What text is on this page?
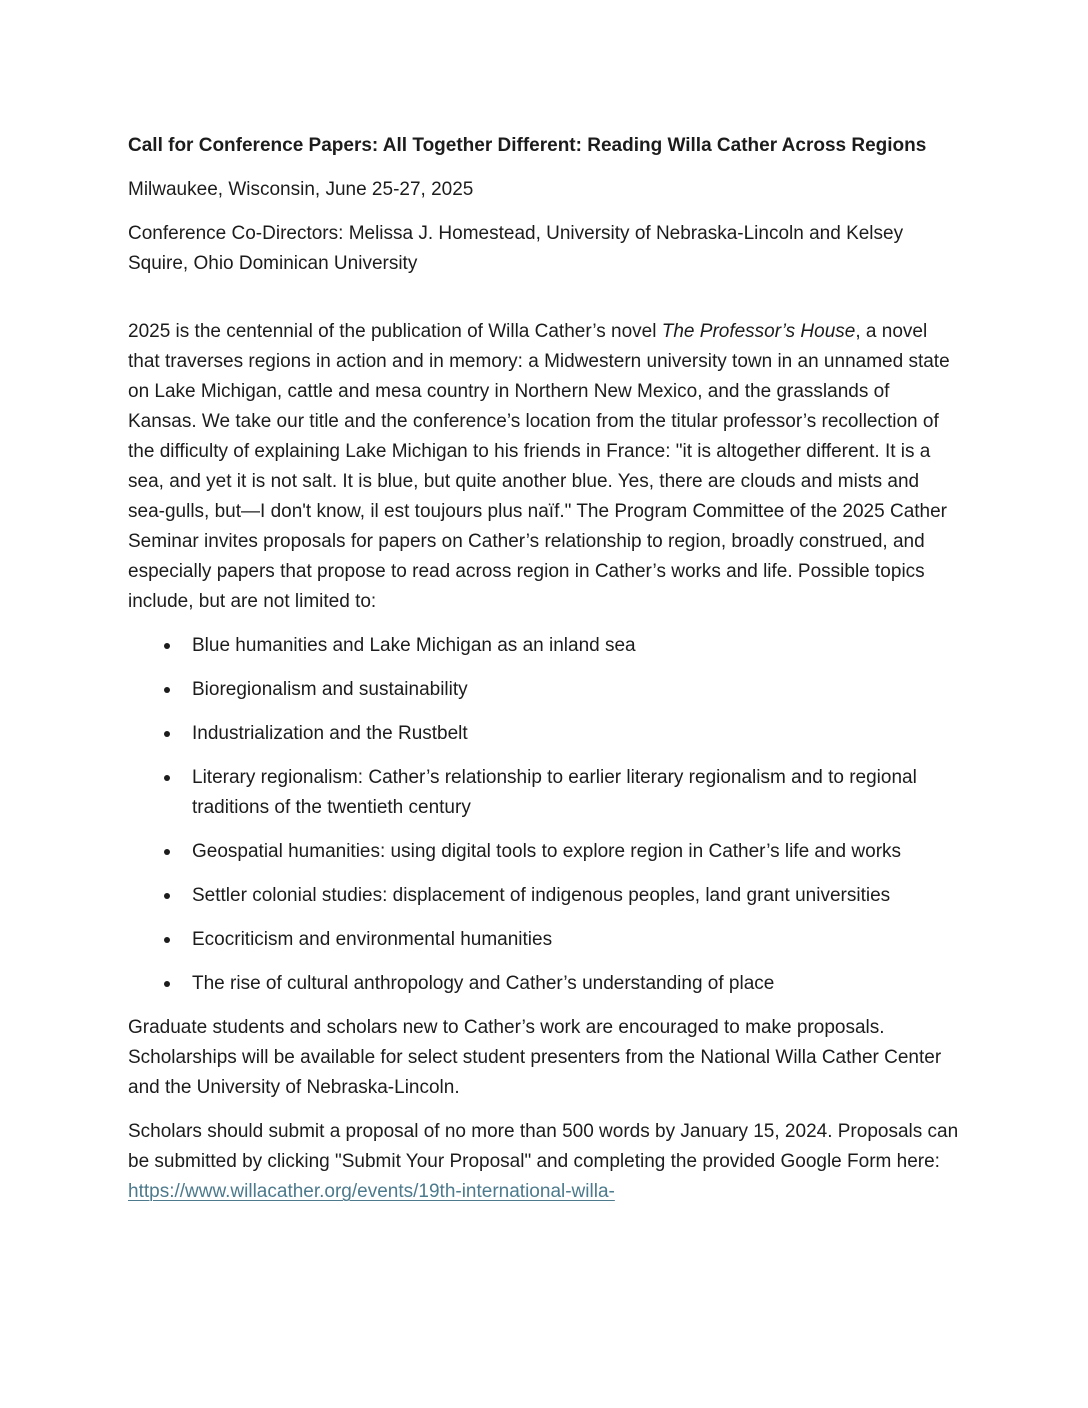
Call for Conference Papers: All Together Different: Reading Willa Cather Across Regions

Milwaukee, Wisconsin, June 25-27, 2025

Conference Co-Directors: Melissa J. Homestead, University of Nebraska-Lincoln and Kelsey Squire, Ohio Dominican University

2025 is the centennial of the publication of Willa Cather’s novel The Professor’s House, a novel that traverses regions in action and in memory: a Midwestern university town in an unnamed state on Lake Michigan, cattle and mesa country in Northern New Mexico, and the grasslands of Kansas. We take our title and the conference’s location from the titular professor’s recollection of the difficulty of explaining Lake Michigan to his friends in France: "it is altogether different. It is a sea, and yet it is not salt. It is blue, but quite another blue. Yes, there are clouds and mists and sea-gulls, but—I don't know, il est toujours plus naïf." The Program Committee of the 2025 Cather Seminar invites proposals for papers on Cather’s relationship to region, broadly construed, and especially papers that propose to read across region in Cather’s works and life. Possible topics include, but are not limited to:

Blue humanities and Lake Michigan as an inland sea
Bioregionalism and sustainability
Industrialization and the Rustbelt
Literary regionalism: Cather’s relationship to earlier literary regionalism and to regional traditions of the twentieth century
Geospatial humanities: using digital tools to explore region in Cather’s life and works
Settler colonial studies: displacement of indigenous peoples, land grant universities
Ecocriticism and environmental humanities
The rise of cultural anthropology and Cather’s understanding of place

Graduate students and scholars new to Cather’s work are encouraged to make proposals. Scholarships will be available for select student presenters from the National Willa Cather Center and the University of Nebraska-Lincoln.

Scholars should submit a proposal of no more than 500 words by January 15, 2024. Proposals can be submitted by clicking "Submit Your Proposal" and completing the provided Google Form here: https://www.willacather.org/events/19th-international-willa-
